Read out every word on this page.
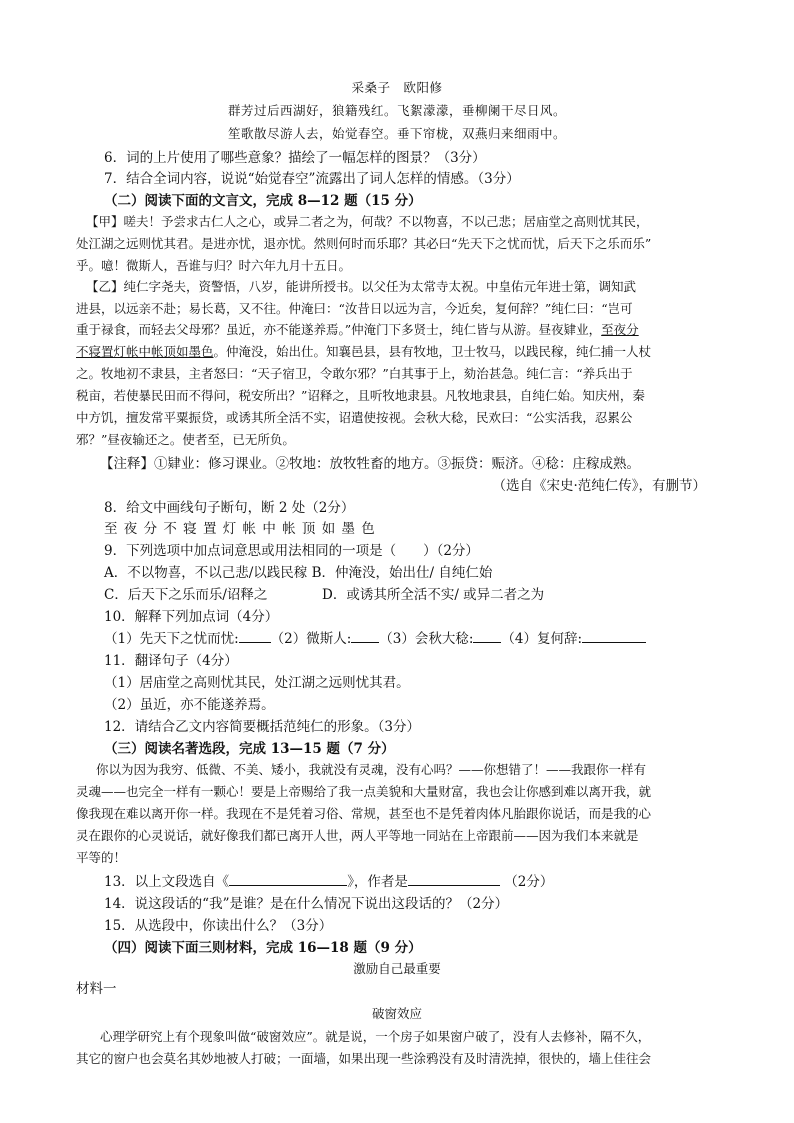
采桑子　欧阳修
群芳过后西湖好，狼籍残红。飞絮濛濛，垂柳阑干尽日风。
笙歌散尽游人去，始觉春空。垂下帘栊，双燕归来细雨中。
6．词的上片使用了哪些意象？描绘了一幅怎样的图景？（3分）
7．结合全词内容，说说“始觉春空”流露出了词人怎样的情感。（3分）
（二）阅读下面的文言文，完成 8—12 题（15 分）
【甲】嗟夫！予尝求古仁人之心，或异二者之为，何哉？不以物喜，不以己悲；居庙堂之高则忧其民，
处江湖之远则忧其君。是进亦忧，退亦忧。然则何时而乐耶？其必曰“先天下之忧而忧，后天下之乐而乐”
乎。噫！微斯人，吾谁与归？时六年九月十五日。
【乙】纯仁字尧夫，资警悟，八岁，能讲所授书。以父任为太常寺太祝。中皇佑元年进士第，调知武
进县，以远亲不赴；易长葛，又不往。仲淹曰：“汝昔日以远为言，今近矣，复何辞？”纯仁曰：“岂可
重于禄食，而轻去父母邪？虽近，亦不能遂养焉。”仲淹门下多贤士，纯仁皆与从游。昼夜肄业，至夜分
不寝置灯帐中帐顶如墨色。仲淹没，始出仕。知襄邑县，县有牧地，卫士牧马，以践民稼，纯仁捕一人杖
之。牧地初不隶县，主者怒曰：“天子宿卫，令敢尔邪？”白其事于上，劾治甚急。纯仁言：“养兵出于
税亩，若使暴民田而不得问，税安所出？”诏释之，且听牧地隶县。凡牧地隶县，自纯仁始。知庆州，秦
中方饥，擅发常平粟振贷，或诱其所全活不实，诏遣使按视。会秋大稔，民欢曰：“公实活我，忍累公
邪？”昼夜输还之。使者至，已无所负。
【注释】①肄业：修习课业。②牧地：放牧牲畜的地方。③振贷：赈济。④稔：庄稼成熟。
（选自《宋史·范纯仁传》，有删节）
8．给文中画线句子断句，断 2 处（2分）
至 夜 分 不 寝 置 灯 帐 中 帐 顶 如 墨 色
9．下列选项中加点词意思或用法相同的一项是（　　）（2分）
A．不以物喜，不以己悲/以践民稼 B．仲淹没，始出仕/ 自纯仁始
C．后天下之乐而乐/诏释之	D．或诱其所全活不实/ 或异二者之为
10．解释下列加点词（4分）
（1）先天下之忧而忧: （2）微斯人: （3）会秋大稔: （4）复何辞:
11．翻译句子（4分）
（1）居庙堂之高则忧其民，处江湖之远则忧其君。
（2）虽近，亦不能遂养焉。
12．请结合乙文内容简要概括范纯仁的形象。（3分）
（三）阅读名著选段，完成 13—15 题（7 分）
你以为因为我穷、低微、不美、矮小，我就没有灵魂，没有心吗？——你想错了！——我跟你一样有
灵魂——也完全一样有一颗心！要是上帝赐给了我一点美貌和大量财富，我也会让你感到难以离开我，就
像我现在难以离开你一样。我现在不是凭着习俗、常规，甚至也不是凭着肉体凡胎跟你说话，而是我的心
灵在跟你的心灵说话，就好像我们都已离开人世，两人平等地一同站在上帝跟前——因为我们本来就是
平等的！
13．以上文段选自《	》，作者是	（2分）
14．说这段话的“我”是谁？是在什么情况下说出这段话的？（2分）
15．从选段中，你读出什么？（3分）
（四）阅读下面三则材料，完成 16—18 题（9 分）
激励自己最重要
材料一
破窗效应
心理学研究上有个现象叫做“破窗效应”。就是说，一个房子如果窗户破了，没有人去修补，隔不久，
其它的窗户也会莫名其妙地被人打破；一面墙，如果出现一些涂鸦没有及时清洗掉，很快的，墙上佳往会
